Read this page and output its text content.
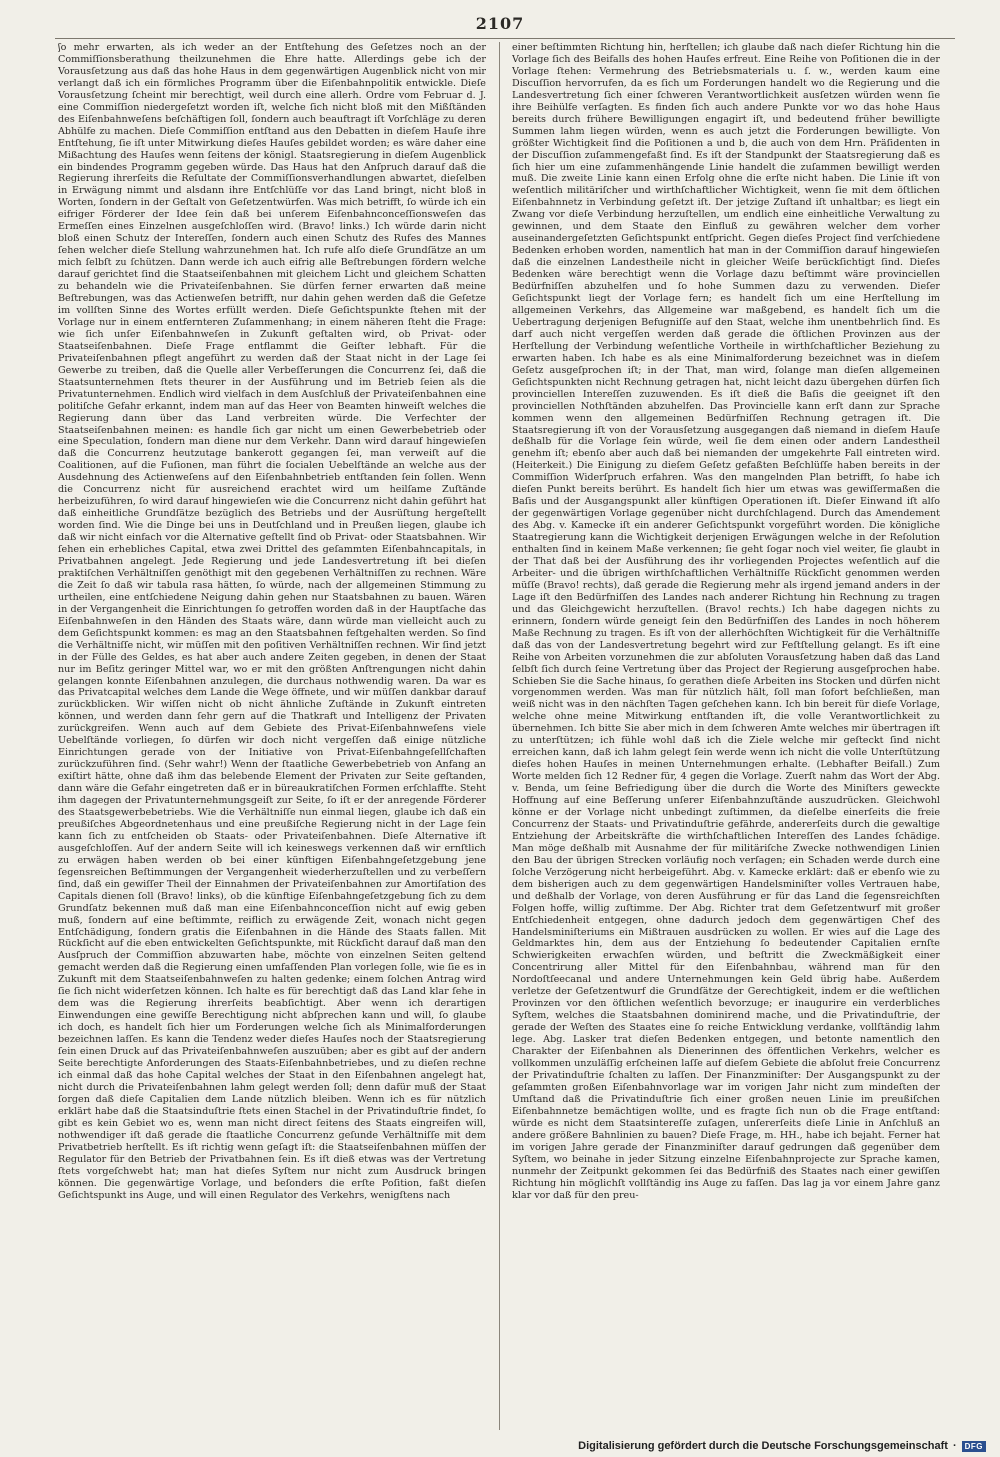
2107

ʃo mehr erwarten, als ich weder an der Entſtehung des Geſetzes noch an der Commiſſionsberathung theilzunehmen die Ehre hatte. Allerdings gebe ich der Vorausſetzung aus daß das hohe Haus in dem gegenwärtigen Augenblick nicht von mir verlangt daß ich ein förmliches Programm über die Eiſenbahnpolitik entwickle. Dieſe Vorausſetzung ſcheint mir berechtigt, weil durch eine allerh. Ordre vom Februar d. J. eine Commiſſion niedergeſetzt worden iſt, welche ſich nicht bloß mit den Mißſtänden des Eiſenbahnweſens beſchäftigen ſoll, ſondern auch beauftragt iſt Vorſchläge zu deren Abhülfe zu machen. Dieſe Commiſſion entſtand aus den Debatten in dieſem Hauſe ihre Entſtehung, ſie iſt unter Mitwirkung dieſes Hauſes gebildet worden; es wäre daher eine Mißachtung des Hauſes wenn ſeitens der königl. Staatsregierung in dieſem Augenblick ein bindendes Programm gegeben würde. Das Haus hat den Anſpruch darauf daß die Regierung ihrerſeits die Reſultate der Commiſſionsverhandlungen abwartet, dieſelben in Erwägung nimmt und alsdann ihre Entſchlüſſe vor das Land bringt, nicht bloß in Worten, ſondern in der Geſtalt von Geſetzentwürfen. Was mich betrifft, ſo würde ich ein eifriger Förderer der Idee ſein daß bei unſerem Eiſenbahnconceſſionsweſen das Ermeſſen eines Einzelnen ausgeſchloſſen wird. (Bravo! links.) Ich würde darin nicht bloß einen Schutz der Intereſſen, ſondern auch einen Schutz des Rufes des Mannes ſehen welcher dieſe Stellung wahrzunehmen hat. Ich rufe alſo dieſe Grundſätze an um mich ſelbſt zu ſchützen. Dann werde ich auch eifrig alle Beſtrebungen fördern welche darauf gerichtet ſind die Staatseiſenbahnen mit gleichem Licht und gleichem Schatten zu behandeln wie die Privateiſenbahnen. Sie dürfen ferner erwarten daß meine Beſtrebungen, was das Actienweſen betrifft, nur dahin gehen werden daß die Geſetze im vollſten Sinne des Wortes erfüllt werden. Dieſe Geſichtspunkte ſtehen mit der Vorlage nur in einem entfernteren Zuſammenhang; in einem näheren ſteht die Frage: wie ſich unſer Eiſenbahnweſen in Zukunft geſtalten wird, ob Privat- oder Staatseiſenbahnen. Dieſe Frage entflammt die Geiſter lebhaft. Für die Privateiſenbahnen pflegt angeführt zu werden daß der Staat nicht in der Lage ſei Gewerbe zu treiben, daß die Quelle aller Verbeſſerungen die Concurrenz ſei, daß die Staatsunternehmen ſtets theurer in der Ausführung und im Betrieb ſeien als die Privatunternehmen. Endlich wird vielfach in dem Ausſchluß der Privateiſenbahnen eine politiſche Gefahr erkannt, indem man auf das Heer von Beamten hinweiſt welches die Regierung dann über das Land verbreiten würde. Die Verfechter der Staatseiſenbahnen meinen: es handle ſich gar nicht um einen Gewerbebetrieb oder eine Speculation, ſondern man diene nur dem Verkehr. Dann wird darauf hingewieſen daß die Concurrenz heutzutage bankerott gegangen ſei, man verweiſt auf die Coalitionen, auf die Fuſionen, man führt die ſocialen Uebelſtände an welche aus der Ausdehnung des Actienweſens auf den Eiſenbahnbetrieb entſtanden ſein ſollen. Wenn die Concurrenz nicht für ausreichend erachtet wird um heilſame Zuſtände herbeizuführen, ſo wird darauf hingewieſen wie die Concurrenz nicht dahin geführt hat daß einheitliche Grundſätze bezüglich des Betriebs und der Ausrüſtung hergeſtellt worden ſind. Wie die Dinge bei uns in Deutſchland und in Preußen liegen, glaube ich daß wir nicht einfach vor die Alternative geſtellt ſind ob Privat- oder Staatsbahnen. Wir ſehen ein erhebliches Capital, etwa zwei Drittel des geſammten Eiſenbahncapitals, in Privatbahnen angelegt. Jede Regierung und jede Landesvertretung iſt bei dieſen praktiſchen Verhältniſſen genöthigt mit den gegebenen Verhältniſſen zu rechnen. Wäre die Zeit ſo daß wir tabula rasa hätten, ſo würde, nach der allgemeinen Stimmung zu urtheilen, eine entſchiedene Neigung dahin gehen nur Staatsbahnen zu bauen. Wären in der Vergangenheit die Einrichtungen ſo getroffen worden daß in der Hauptſache das Eiſenbahnweſen in den Händen des Staats wäre, dann würde man vielleicht auch zu dem Geſichtspunkt kommen: es mag an den Staatsbahnen feſtgehalten werden. So ſind die Verhältniſſe nicht, wir müſſen mit den poſitiven Verhältniſſen rechnen. Wir ſind jetzt in der Fülle des Geldes, es hat aber auch andere Zeiten gegeben, in denen der Staat nur im Beſitz geringer Mittel war, wo er mit den größten Anſtrengungen nicht dahin gelangen konnte Eiſenbahnen anzulegen, die durchaus nothwendig waren. Da war es das Privatcapital welches dem Lande die Wege öffnete, und wir müſſen dankbar darauf zurückblicken. Wir wiſſen nicht ob nicht ähnliche Zuſtände in Zukunft eintreten können, und werden dann ſehr gern auf die Thatkraft und Intelligenz der Privaten zurückgreifen. Wenn auch auf dem Gebiete des Privat-Eiſenbahnweſens viele Uebelſtände vorliegen, ſo dürfen wir doch nicht vergeſſen daß einige nützliche Einrichtungen gerade von der Initiative von Privat-Eiſenbahngeſellſchaften zurückzuführen ſind. (Sehr wahr!) Wenn der ſtaatliche Gewerbebetrieb von Anfang an exiſtirt hätte, ohne daß ihm das belebende Element der Privaten zur Seite geſtanden, dann wäre die Gefahr eingetreten daß er in büreaukratiſchen Formen erſchlaffte. Steht ihm dagegen der Privatunternehmungsgeiſt zur Seite, ſo iſt er der anregende Förderer des Staatsgewerbebetriebs. Wie die Verhältniſſe nun einmal liegen, glaube ich daß ein preußiſches Abgeordnetenhaus und eine preußiſche Regierung nicht in der Lage ſein kann ſich zu entſcheiden ob Staats- oder Privateiſenbahnen. Dieſe Alternative iſt ausgeſchloſſen. Auf der andern Seite will ich keineswegs verkennen daß wir ernſtlich zu erwägen haben werden ob bei einer künftigen Eiſenbahngeſetzgebung jene ſegensreichen Beſtimmungen der Vergangenheit wiederherzuſtellen und zu verbeſſern ſind, daß ein gewiſſer Theil der Einnahmen der Privateiſenbahnen zur Amortiſation des Capitals dienen ſoll (Bravo! links), ob die künftige Eiſenbahngeſetzgebung ſich zu dem Grundſatz bekennen muß daß man eine Eiſenbahnconceſſion nicht auf ewig geben muß, ſondern auf eine beſtimmte, reiflich zu erwägende Zeit, wonach nicht gegen Entſchädigung, ſondern gratis die Eiſenbahnen in die Hände des Staats fallen. Mit Rückſicht auf die eben entwickelten Geſichtspunkte, mit Rückſicht darauf daß man den Ausſpruch der Commiſſion abzuwarten habe, möchte von einzelnen Seiten geltend gemacht werden daß die Regierung einen umfaſſenden Plan vorlegen ſolle, wie ſie es in Zukunft mit dem Staatseiſenbahnweſen zu halten gedenke; einem ſolchen Antrag wird ſie ſich nicht widerſetzen können. Ich halte es für berechtigt daß das Land klar ſehe in dem was die Regierung ihrerſeits beabſichtigt. Aber wenn ich derartigen Einwendungen eine gewiſſe Berechtigung nicht abſprechen kann und will, ſo glaube ich doch, es handelt ſich hier um Forderungen welche ſich als Minimalforderungen bezeichnen laſſen. Es kann die Tendenz weder dieſes Hauſes noch der Staatsregierung ſein einen Druck auf das Privateiſenbahnweſen auszuüben; aber es gibt auf der andern Seite berechtigte Anforderungen des Staats-Eiſenbahnbetriebes, und zu dieſen rechne ich einmal daß das hohe Capital welches der Staat in den Eiſenbahnen angelegt hat, nicht durch die Privateiſenbahnen lahm gelegt werden ſoll; denn dafür muß der Staat ſorgen daß dieſe Capitalien dem Lande nützlich bleiben. Wenn ich es für nützlich erklärt habe daß die Staatsinduſtrie ſtets einen Stachel in der Privatinduſtrie findet, ſo gibt es kein Gebiet wo es, wenn man nicht direct ſeitens des Staats eingreifen will, nothwendiger iſt daß gerade die ſtaatliche Concurrenz geſunde Verhältniſſe mit dem Privatbetrieb herſtellt. Es iſt richtig wenn geſagt iſt: die Staatseiſenbahnen müſſen der Regulator für den Betrieb der Privatbahnen ſein. Es iſt dieß etwas was der Vertretung ſtets vorgeſchwebt hat; man hat dieſes Syſtem nur nicht zum Ausdruck bringen können. Die gegenwärtige Vorlage, und beſonders die erſte Poſition, faßt dieſen Geſichtspunkt ins Auge, und will einen Regulator des Verkehrs, wenigſtens nach

einer beſtimmten Richtung hin, herſtellen; ich glaube daß nach dieſer Richtung hin die Vorlage ſich des Beifalls des hohen Hauſes erfreut. Eine Reihe von Poſitionen die in der Vorlage ſtehen: Vermehrung des Betriebsmaterials u. ſ. w., werden kaum eine Discuſſion hervorrufen, da es ſich um Forderungen handelt wo die Regierung und die Landesvertretung ſich einer ſchweren Verantwortlichkeit ausſetzen würden wenn ſie ihre Beihülfe verſagten. Es finden ſich auch andere Punkte vor wo das hohe Haus bereits durch frühere Bewilligungen engagirt iſt, und bedeutend früher bewilligte Summen lahm liegen würden, wenn es auch jetzt die Forderungen bewilligte. Von größter Wichtigkeit ſind die Poſitionen a und b, die auch von dem Hrn. Präſidenten in der Discuſſion zuſammengefaßt ſind. Es iſt der Standpunkt der Staatsregierung daß es ſich hier um eine zuſammenhängende Linie handelt die zuſammen bewilligt werden muß. Die zweite Linie kann einen Erfolg ohne die erſte nicht haben. Die Linie iſt von weſentlich militäriſcher und wirthſchaftlicher Wichtigkeit, wenn ſie mit dem öſtlichen Eiſenbahnnetz in Verbindung geſetzt iſt. Der jetzige Zuſtand iſt unhaltbar; es liegt ein Zwang vor dieſe Verbindung herzuſtellen, um endlich eine einheitliche Verwaltung zu gewinnen, und dem Staate den Einfluß zu gewähren welcher dem vorher auseinandergeſetzten Geſichtspunkt entſpricht. Gegen dieſes Project ſind verſchiedene Bedenken erhoben worden, namentlich hat man in der Commiſſion darauf hingewieſen daß die einzelnen Landestheile nicht in gleicher Weiſe berückſichtigt ſind. Dieſes Bedenken wäre berechtigt wenn die Vorlage dazu beſtimmt wäre provinciellen Bedürfniſſen abzuhelfen und ſo hohe Summen dazu zu verwenden. Dieſer Geſichtspunkt liegt der Vorlage fern; es handelt ſich um eine Herſtellung im allgemeinen Verkehrs, das Allgemeine war maßgebend, es handelt ſich um die Uebertragung derjenigen Befugniſſe auf den Staat, welche ihm unentbehrlich ſind. Es darf auch nicht vergeſſen werden daß gerade die öſtlichen Provinzen aus der Herſtellung der Verbindung weſentliche Vortheile in wirthſchaftlicher Beziehung zu erwarten haben. Ich habe es als eine Minimalforderung bezeichnet was in dieſem Geſetz ausgeſprochen iſt; in der That, man wird, ſolange man dieſen allgemeinen Geſichtspunkten nicht Rechnung getragen hat, nicht leicht dazu übergehen dürfen ſich provinciellen Intereſſen zuzuwenden. Es iſt dieß die Baſis die geeignet iſt den provinciellen Nothſtänden abzuhelfen. Das Provincielle kann erſt dann zur Sprache kommen wenn den allgemeinen Bedürfniſſen Rechnung getragen iſt. Die Staatsregierung iſt von der Vorausſetzung ausgegangen daß niemand in dieſem Hauſe deßhalb für die Vorlage ſein würde, weil ſie dem einen oder andern Landestheil genehm iſt; ebenſo aber auch daß bei niemanden der umgekehrte Fall eintreten wird. (Heiterkeit.) Die Einigung zu dieſem Geſetz gefaßten Beſchlüſſe haben bereits in der Commiſſion Widerſpruch erfahren. Was den mangelnden Plan betrifft, ſo habe ich dieſen Punkt bereits berührt. Es handelt ſich hier um etwas was gewiſſermaßen die Baſis und der Ausgangspunkt aller künftigen Operationen iſt. Dieſer Einwand iſt alſo der gegenwärtigen Vorlage gegenüber nicht durchſchlagend. Durch das Amendement des Abg. v. Kamecke iſt ein anderer Geſichtspunkt vorgeführt worden. Die königliche Staatregierung kann die Wichtigkeit derjenigen Erwägungen welche in der Reſolution enthalten ſind in keinem Maße verkennen; ſie geht ſogar noch viel weiter, ſie glaubt in der That daß bei der Ausführung des ihr vorliegenden Projectes weſentlich auf die Arbeiter- und die übrigen wirthſchaftlichen Verhältniſſe Rückſicht genommen werden müſſe (Bravo! rechts), daß gerade die Regierung mehr als irgend jemand anders in der Lage iſt den Bedürfniſſen des Landes nach anderer Richtung hin Rechnung zu tragen und das Gleichgewicht herzuſtellen. (Bravo! rechts.) Ich habe dagegen nichts zu erinnern, ſondern würde geneigt ſein den Bedürfniſſen des Landes in noch höherem Maße Rechnung zu tragen. Es iſt von der allerhöchſten Wichtigkeit für die Verhältniſſe daß das von der Landesvertretung begehrt wird zur Feſtſtellung gelangt. Es iſt eine Reihe von Arbeiten vorzunehmen die zur abſoluten Vorausſetzung haben daß das Land ſelbſt ſich durch ſeine Vertretung über das Project der Regierung ausgeſprochen habe. Schieben Sie die Sache hinaus, ſo gerathen dieſe Arbeiten ins Stocken und dürfen nicht vorgenommen werden. Was man für nützlich hält, ſoll man ſofort beſchließen, man weiß nicht was in den nächſten Tagen geſchehen kann. Ich bin bereit für dieſe Vorlage, welche ohne meine Mitwirkung entſtanden iſt, die volle Verantwortlichkeit zu übernehmen. Ich bitte Sie aber mich in dem ſchweren Amte welches mir übertragen iſt zu unterſtützen; ich fühle wohl daß ich die Ziele welche mir geſteckt ſind nicht erreichen kann, daß ich lahm gelegt ſein werde wenn ich nicht die volle Unterſtützung dieſes hohen Hauſes in meinen Unternehmungen erhalte. (Lebhafter Beifall.) Zum Worte melden ſich 12 Redner für, 4 gegen die Vorlage. Zuerſt nahm das Wort der Abg. v. Benda, um ſeine Befriedigung über die durch die Worte des Miniſters geweckte Hoffnung auf eine Beſſerung unſerer Eiſenbahnzuſtände auszudrücken. Gleichwohl könne er der Vorlage nicht unbedingt zuſtimmen, da dieſelbe einerſeits die freie Concurrenz der Staats- und Privatinduſtrie gefährde, andererſeits durch die gewaltige Entziehung der Arbeitskräfte die wirthſchaftlichen Intereſſen des Landes ſchädige. Man möge deßhalb mit Ausnahme der für militäriſche Zwecke nothwendigen Linien den Bau der übrigen Strecken vorläufig noch verſagen; ein Schaden werde durch eine ſolche Verzögerung nicht herbeigeführt. Abg. v. Kamecke erklärt: daß er ebenſo wie zu dem bisherigen auch zu dem gegenwärtigen Handelsminiſter volles Vertrauen habe, und deßhalb der Vorlage, von deren Ausführung er für das Land die ſegensreichſten Folgen hoffe, willig zuſtimme. Der Abg. Richter trat dem Geſetzentwurf mit großer Entſchiedenheit entgegen, ohne dadurch jedoch dem gegenwärtigen Chef des Handelsminiſteriums ein Mißtrauen ausdrücken zu wollen. Er wies auf die Lage des Geldmarktes hin, dem aus der Entziehung ſo bedeutender Capitalien ernſte Schwierigkeiten erwachſen würden, und beſtritt die Zweckmäßigkeit einer Concentrirung aller Mittel für den Eiſenbahnbau, während man für den Nordoſtſeecanal und andere Unternehmungen kein Geld übrig habe. Außerdem verletze der Geſetzentwurf die Grundſätze der Gerechtigkeit, indem er die weſtlichen Provinzen vor den öſtlichen weſentlich bevorzuge; er inaugurire ein verderbliches Syſtem, welches die Staatsbahnen dominirend mache, und die Privatinduſtrie, der gerade der Weſten des Staates eine ſo reiche Entwicklung verdanke, vollſtändig lahm lege. Abg. Lasker trat dieſen Bedenken entgegen, und betonte namentlich den Charakter der Eiſenbahnen als Dienerinnen des öffentlichen Verkehrs, welcher es vollkommen unzuläſſig erſcheinen laſſe auf dieſem Gebiete die abſolut freie Concurrenz der Privatinduſtrie ſchalten zu laſſen. Der Finanzminiſter: Der Ausgangspunkt zu der geſammten großen Eiſenbahnvorlage war im vorigen Jahr nicht zum mindeſten der Umſtand daß die Privatinduſtrie ſich einer großen neuen Linie im preußiſchen Eiſenbahnnetze bemächtigen wollte, und es fragte ſich nun ob die Frage entſtand: würde es nicht dem Staatsintereſſe zuſagen, unſererſeits dieſe Linie in Anſchluß an andere größere Bahnlinien zu bauen? Dieſe Frage, m. HH., habe ich bejaht. Ferner hat im vorigen Jahre gerade der Finanzminiſter darauf gedrungen daß gegenüber dem Syſtem, wo beinahe in jeder Sitzung einzelne Eiſenbahnprojecte zur Sprache kamen, nunmehr der Zeitpunkt gekommen ſei das Bedürfniß des Staates nach einer gewiſſen Richtung hin möglichſt vollſtändig ins Auge zu faſſen. Das lag ja vor einem Jahre ganz klar vor daß für den preu-

Digitalisierung gefördert durch die Deutsche Forschungsgemeinschaft ·	DFG
